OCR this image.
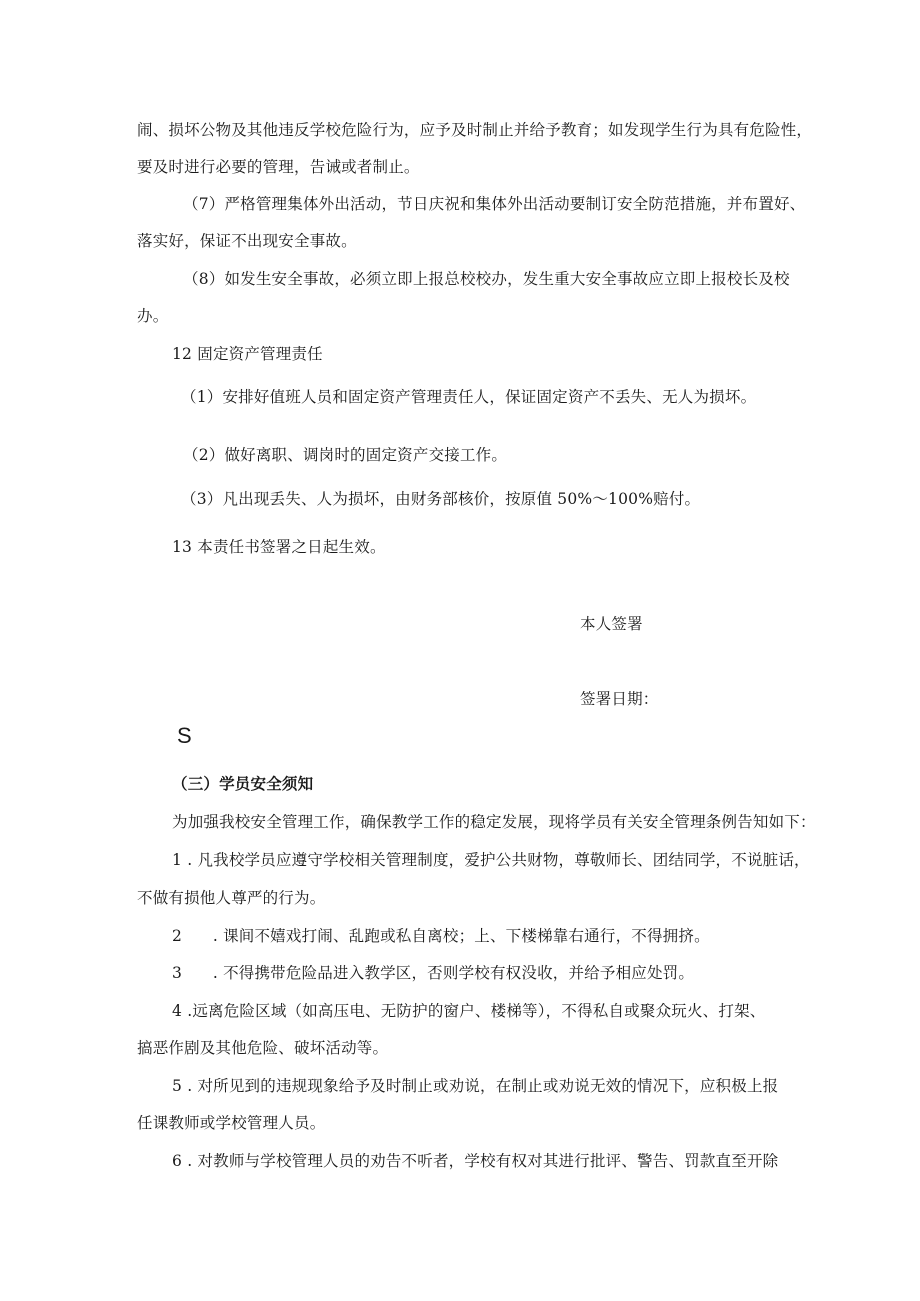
闹、损坏公物及其他违反学校危险行为，应予及时制止并给予教育；如发现学生行为具有危险性，
要及时进行必要的管理，告诫或者制止。
（7）严格管理集体外出活动，节日庆祝和集体外出活动要制订安全防范措施，并布置好、
落实好，保证不出现安全事故。
（8）如发生安全事故，必须立即上报总校校办，发生重大安全事故应立即上报校长及校
办。
12 固定资产管理责任
（1）安排好值班人员和固定资产管理责任人，保证固定资产不丢失、无人为损坏。
（2）做好离职、调岗时的固定资产交接工作。
（3）凡出现丢失、人为损坏，由财务部核价，按原值 50%～100%赔付。
13 本责任书签署之日起生效。
本人签署
签署日期：
S
（三）学员安全须知
为加强我校安全管理工作，确保教学工作的稳定发展，现将学员有关安全管理条例告知如下：
1 . 凡我校学员应遵守学校相关管理制度，爱护公共财物，尊敬师长、团结同学，不说脏话，
不做有损他人尊严的行为。
2      . 课间不嬉戏打闹、乱跑或私自离校；上、下楼梯靠右通行，不得拥挤。
3      . 不得携带危险品进入教学区，否则学校有权没收，并给予相应处罚。
4 .远离危险区域（如高压电、无防护的窗户、楼梯等），不得私自或聚众玩火、打架、
搞恶作剧及其他危险、破坏活动等。
5 . 对所见到的违规现象给予及时制止或劝说，在制止或劝说无效的情况下，应积极上报
任课教师或学校管理人员。
6 . 对教师与学校管理人员的劝告不听者，学校有权对其进行批评、警告、罚款直至开除
